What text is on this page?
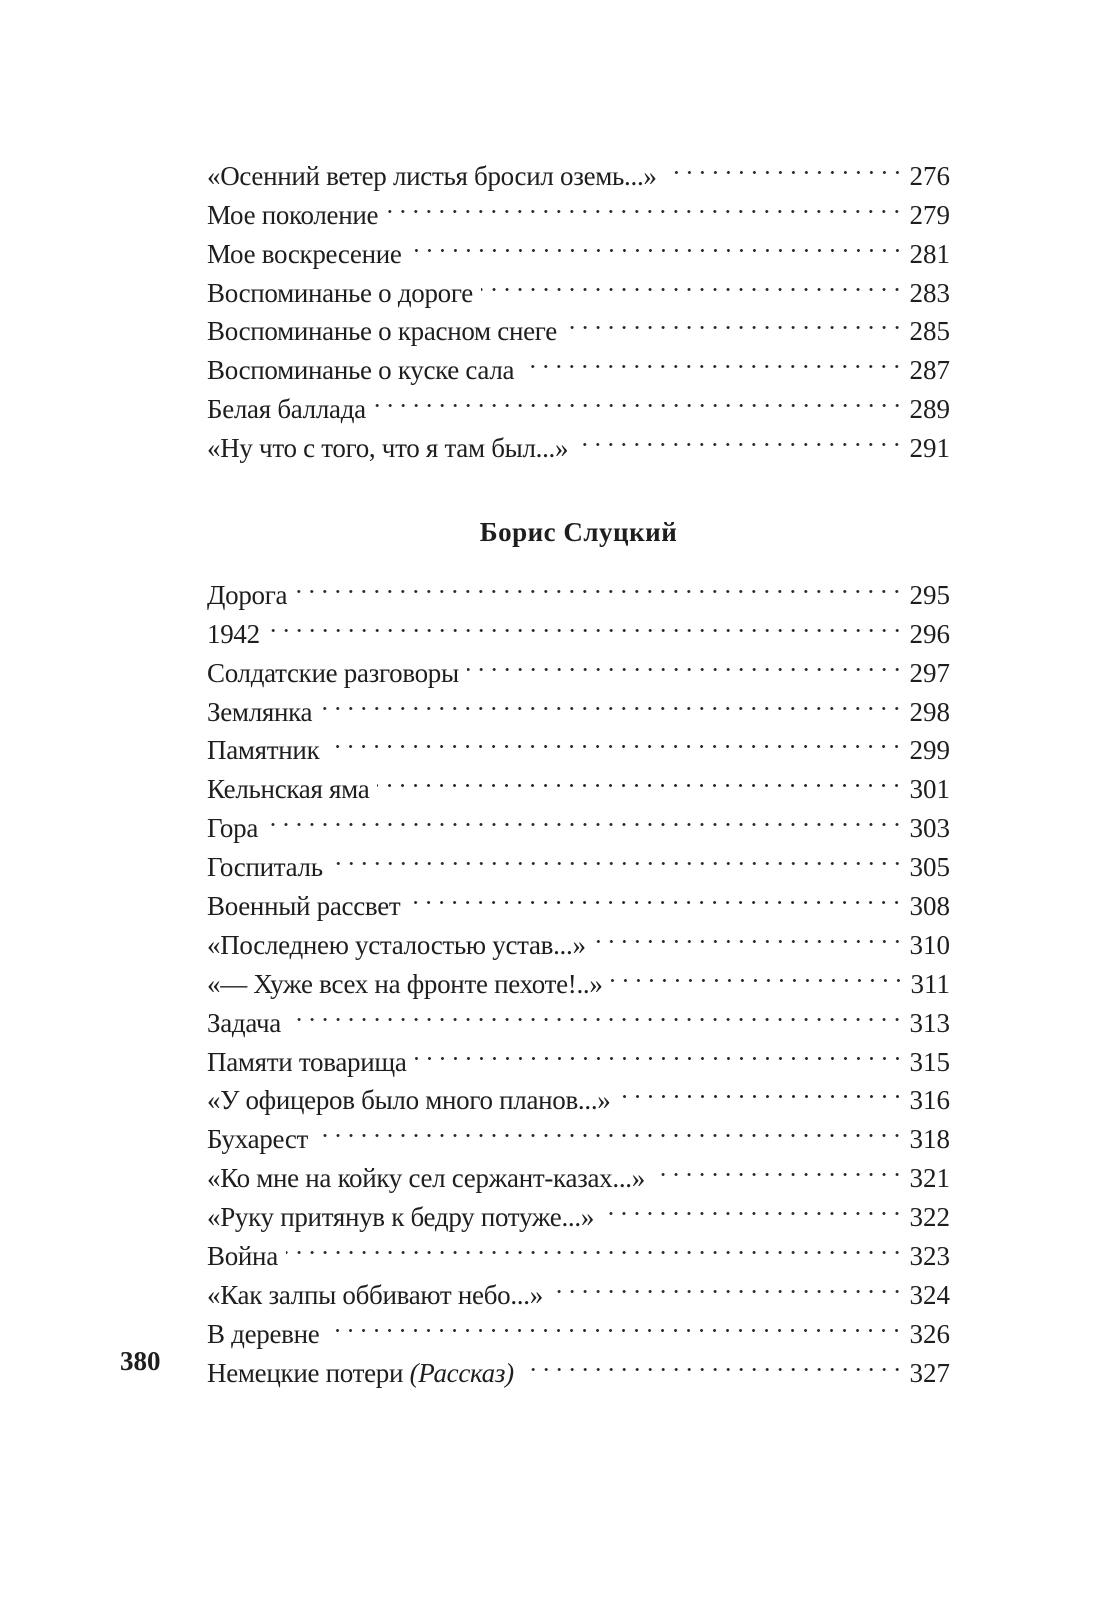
«Осенний ветер листья бросил оземь...»	276
Мое поколение	279
Мое воскресение	281
Воспоминанье о дороге	283
Воспоминанье о красном снеге	285
Воспоминанье о куске сала	287
Белая баллада	289
«Ну что с того, что я там был...»	291
Борис Слуцкий
Дорога	295
1942	296
Солдатские разговоры	297
Землянка	298
Памятник	299
Кельнская яма	301
Гора	303
Госпиталь	305
Военный рассвет	308
«Последнею усталостью устав...»	310
«— Хуже всех на фронте пехоте!..»	311
Задача	313
Памяти товарища	315
«У офицеров было много планов...»	316
Бухарест	318
«Ко мне на койку сел сержант-казах...»	321
«Руку притянув к бедру потуже...»	322
Война	323
«Как залпы оббивают небо...»	324
В деревне	326
Немецкие потери (Рассказ)	327
380
